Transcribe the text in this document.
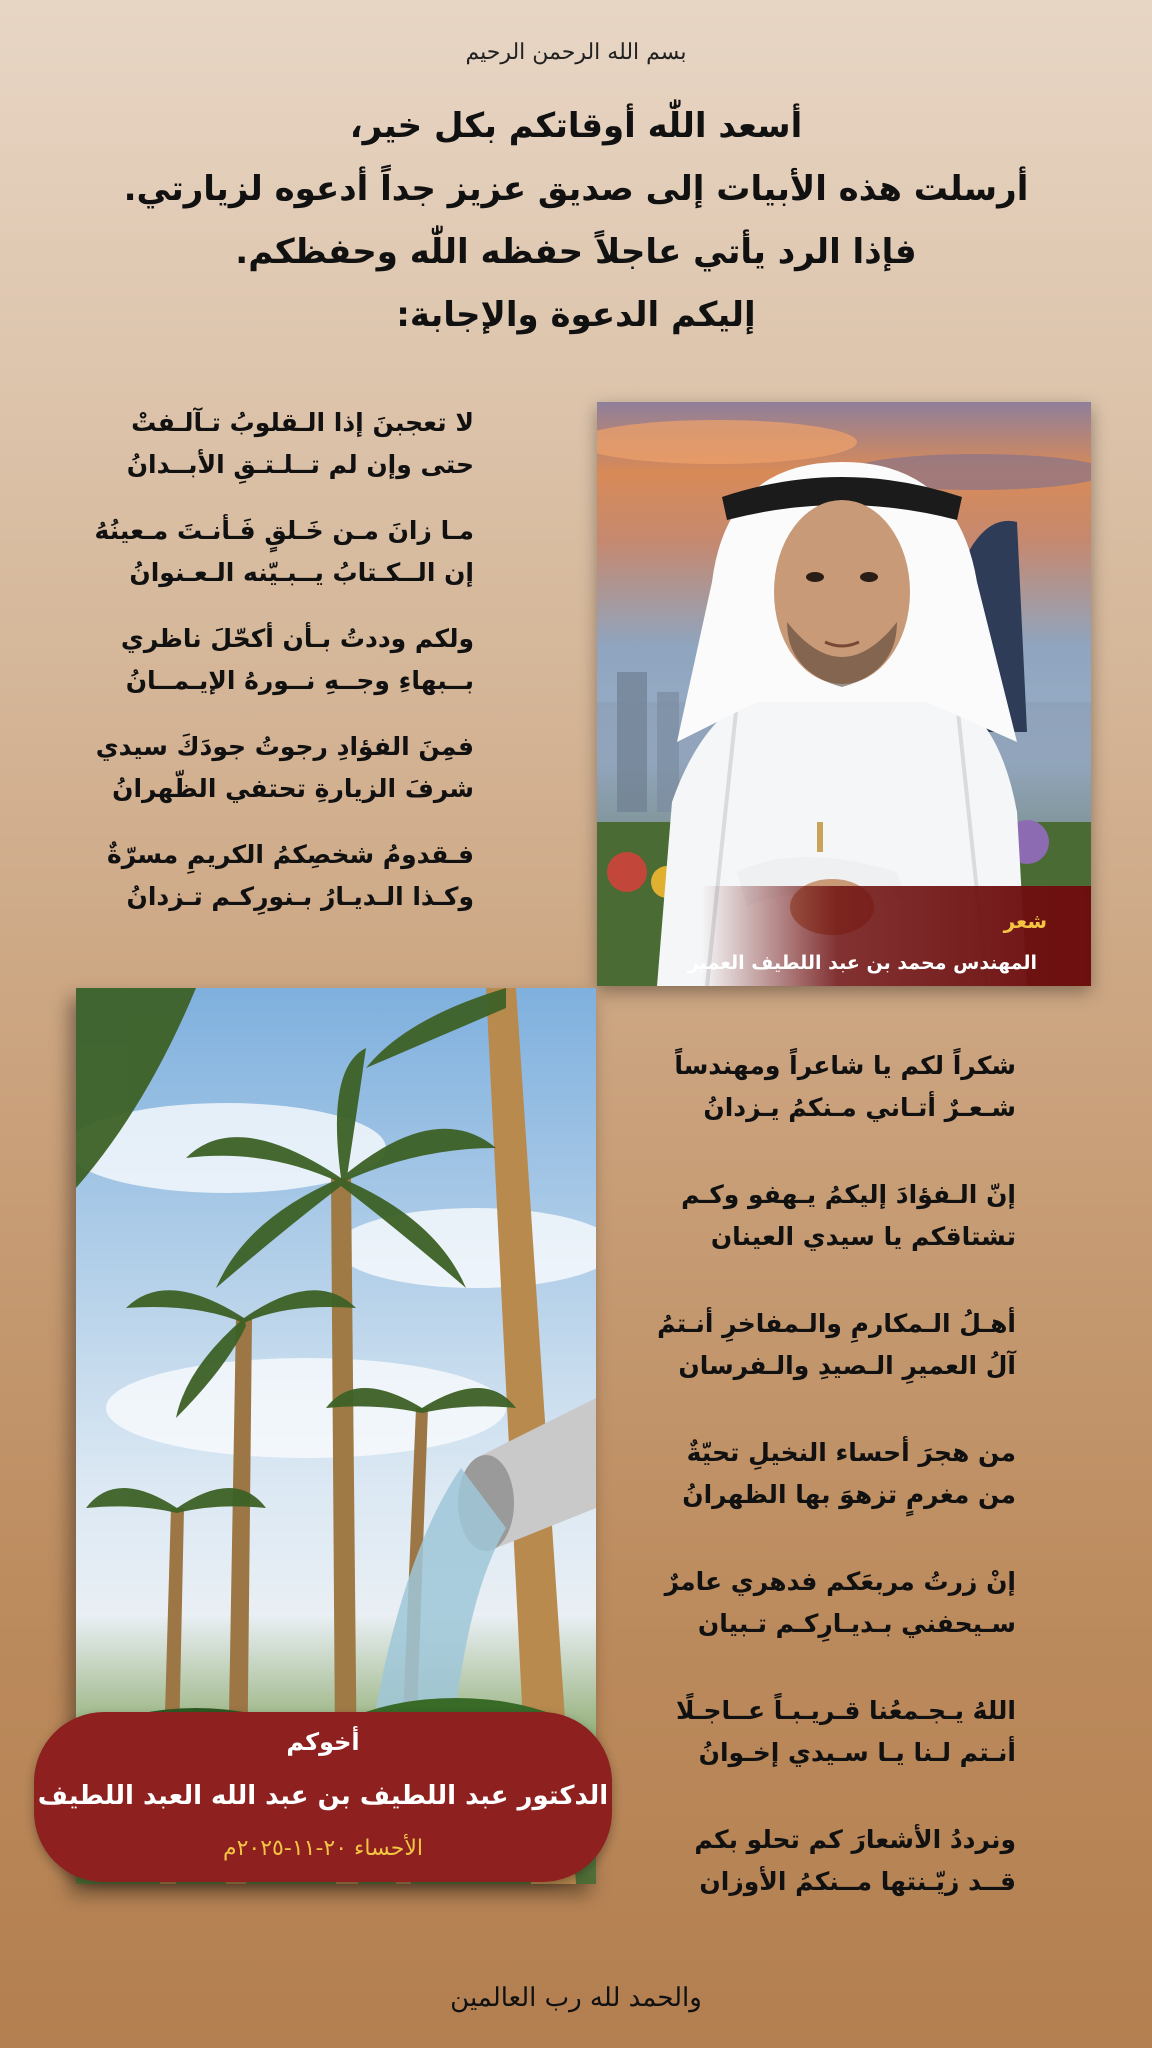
بسم الله الرحمن الرحيم
أسعد اللّٰه أوقاتكم بكل خير،
أرسلت هذه الأبيات إلى صديق عزيز جداً أدعوه لزيارتي.
فإذا الرد يأتي عاجلاً حفظه اللّٰه وحفظكم.
إليكم الدعوة والإجابة:
لا تعجبنَ إذا الـقلوبُ تـآلـفتْ
حتى وإن لم تــلـتـقِ الأبــدانُ
مـا زانَ مـن خَـلقٍ فَـأنـتَ مـعينُهُ
إن الــكـتابُ يــبـيّنه الـعـنوانُ
ولكم وددتُ بـأن أكحّلَ ناظري
بــبهاءِ وجــهِ نــورهُ الإيـمــانُ
فمِنَ الفؤادِ رجوتُ جودَكَ سيدي
شرفَ الزيارةِ تحتفي الظّهرانُ
فـقدومُ شخصِكمُ الكريمِ مسرّةٌ
وكـذا الـديـارُ بـنورِكـم تـزدانُ
شعر
المهندس محمد بن عبد اللطيف العمير
أخوكم
الدكتور عبد اللطيف بن عبد الله العبد اللطيف
الأحساء ٢٠-١١-٢٠٢٥م
شكراً لكم يا شاعراً ومهندساً
شـعـرٌ أتـاني مـنكمُ يـزدانُ
إنّ الـفؤادَ إليكمُ يـهفو وكـم
تشتاقكم يا سيدي العينان
أهـلُ الـمكارمِ والـمفاخرِ أنـتمُ
آلُ العميرِ الـصيدِ والـفرسان
من هجرَ أحساء النخيلِ تحيّةٌ
من مغرمٍ تزهوَ بها الظهرانُ
إنْ زرتُ مربعَكم فدهري عامرٌ
سـيحفني بـديـارِكـم تـبيان
اللهُ يـجـمعُنا قـريـبـاً عــاجـلًا
أنـتم لـنا يـا سـيدي إخـوانُ
ونرددُ الأشعارَ كم تحلو بكم
قــد زيّـنتها مــنكمُ الأوزان
والحمد لله رب العالمين
